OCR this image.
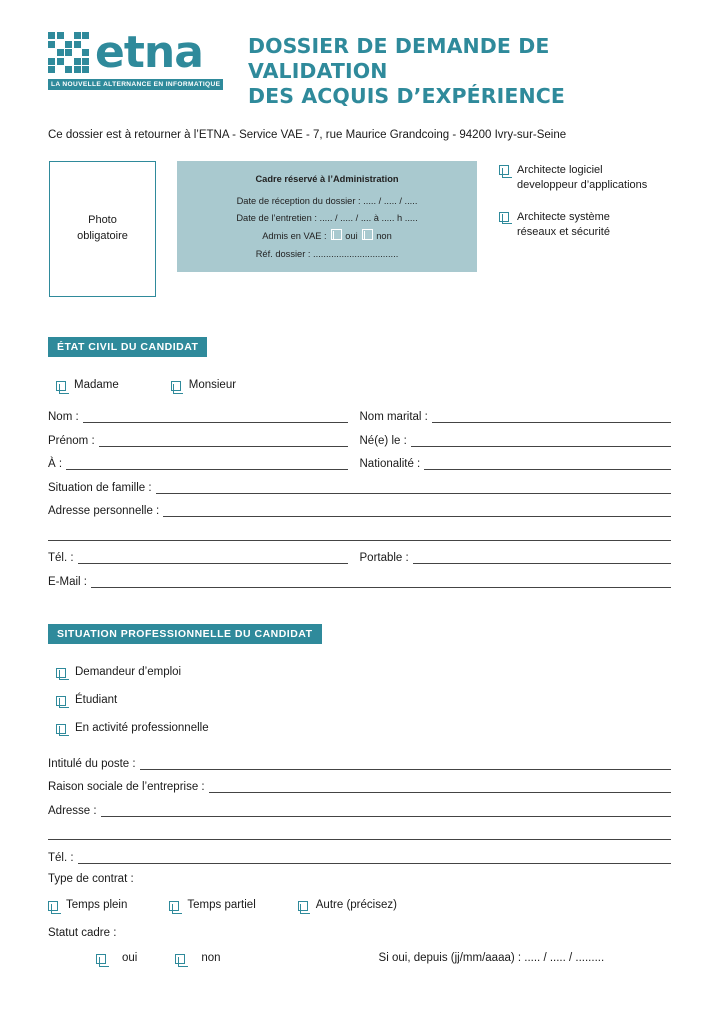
etna
LA NOUVELLE ALTERNANCE EN INFORMATIQUE
DOSSIER DE DEMANDE DE VALIDATION
DES ACQUIS D’EXPÉRIENCE
Ce dossier est à retourner à l’ETNA - Service VAE - 7, rue Maurice Grandcoing - 94200 Ivry-sur-Seine
Photo
obligatoire
Cadre réservé à l’Administration
Date de réception du dossier : ..... / ..... / .....
Date de l’entretien : ..... / ..... / .... à ..... h .....
Admis en VAE : oui non
Réf. dossier : .................................
Architecte logiciel
developpeur d’applications
Architecte système
réseaux et sécurité
ÉTAT CIVIL DU CANDIDAT
Madame	Monsieur
Nom :	Nom marital :
Prénom :	Né(e) le :
À :	Nationalité :
Situation de famille :
Adresse personnelle :
Tél. :	Portable :
E-Mail :
SITUATION PROFESSIONNELLE DU CANDIDAT
Demandeur d’emploi
Étudiant
En activité professionnelle
Intitulé du poste :
Raison sociale de l’entreprise :
Adresse :
Tél. :
Type de contrat :
Temps plein	Temps partiel	Autre (précisez)
Statut cadre :
oui	non	Si oui, depuis (jj/mm/aaaa) : ..... / ..... / .........
